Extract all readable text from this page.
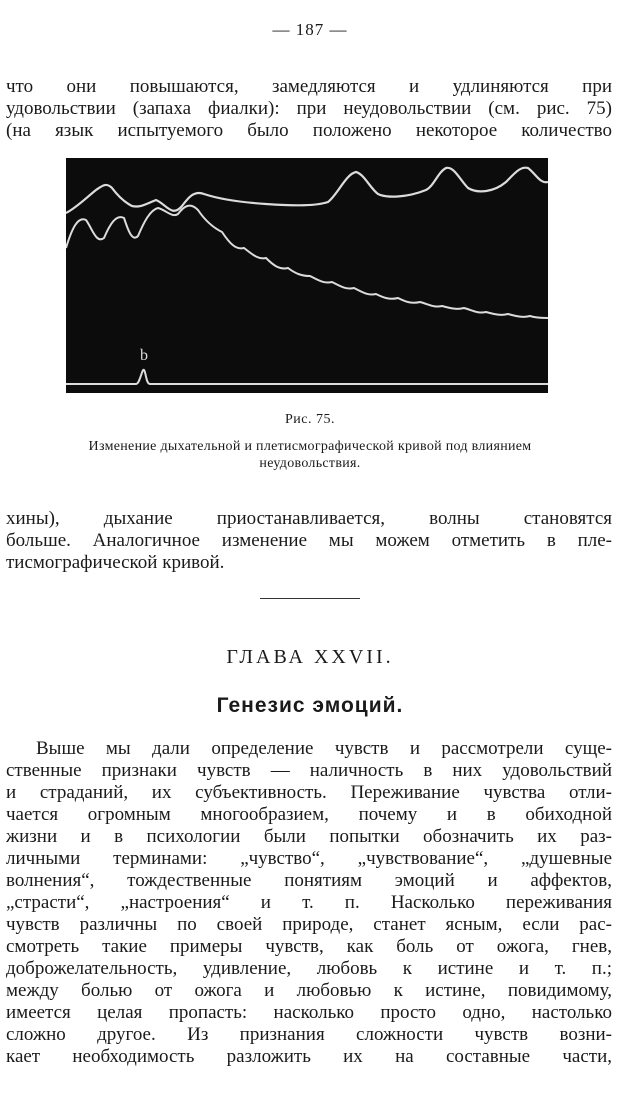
— 187 —
что они повышаются, замедляются и удлиняются при
удовольствии (запаха фиалки): при неудовольствии (см. рис. 75)
(на язык испытуемого было положено некоторое количество
b
Рис. 75.
Изменение дыхательной и плетисмографической кривой под влиянием
неудовольствия.
хины), дыхание приостанавливается, волны становятся
больше. Аналогичное изменение мы можем отметить в пле-
тисмографической кривой.
ГЛАВА XXVII.
Генезис эмоций.
Выше мы дали определение чувств и рассмотрели суще-
ственные признаки чувств — наличность в них удовольствий
и страданий, их субъективность. Переживание чувства отли-
чается огромным многообразием, почему и в обиходной
жизни и в психологии были попытки обозначить их раз-
личными терминами: „чувство“, „чувствование“, „душевные
волнения“, тождественные понятиям эмоций и аффектов,
„страсти“, „настроения“ и т. п. Насколько переживания
чувств различны по своей природе, станет ясным, если рас-
смотреть такие примеры чувств, как боль от ожога, гнев,
доброжелательность, удивление, любовь к истине и т. п.;
между болью от ожога и любовью к истине, повидимому,
имеется целая пропасть: насколько просто одно, настолько
сложно другое. Из признания сложности чувств возни-
кает необходимость разложить их на составные части,
